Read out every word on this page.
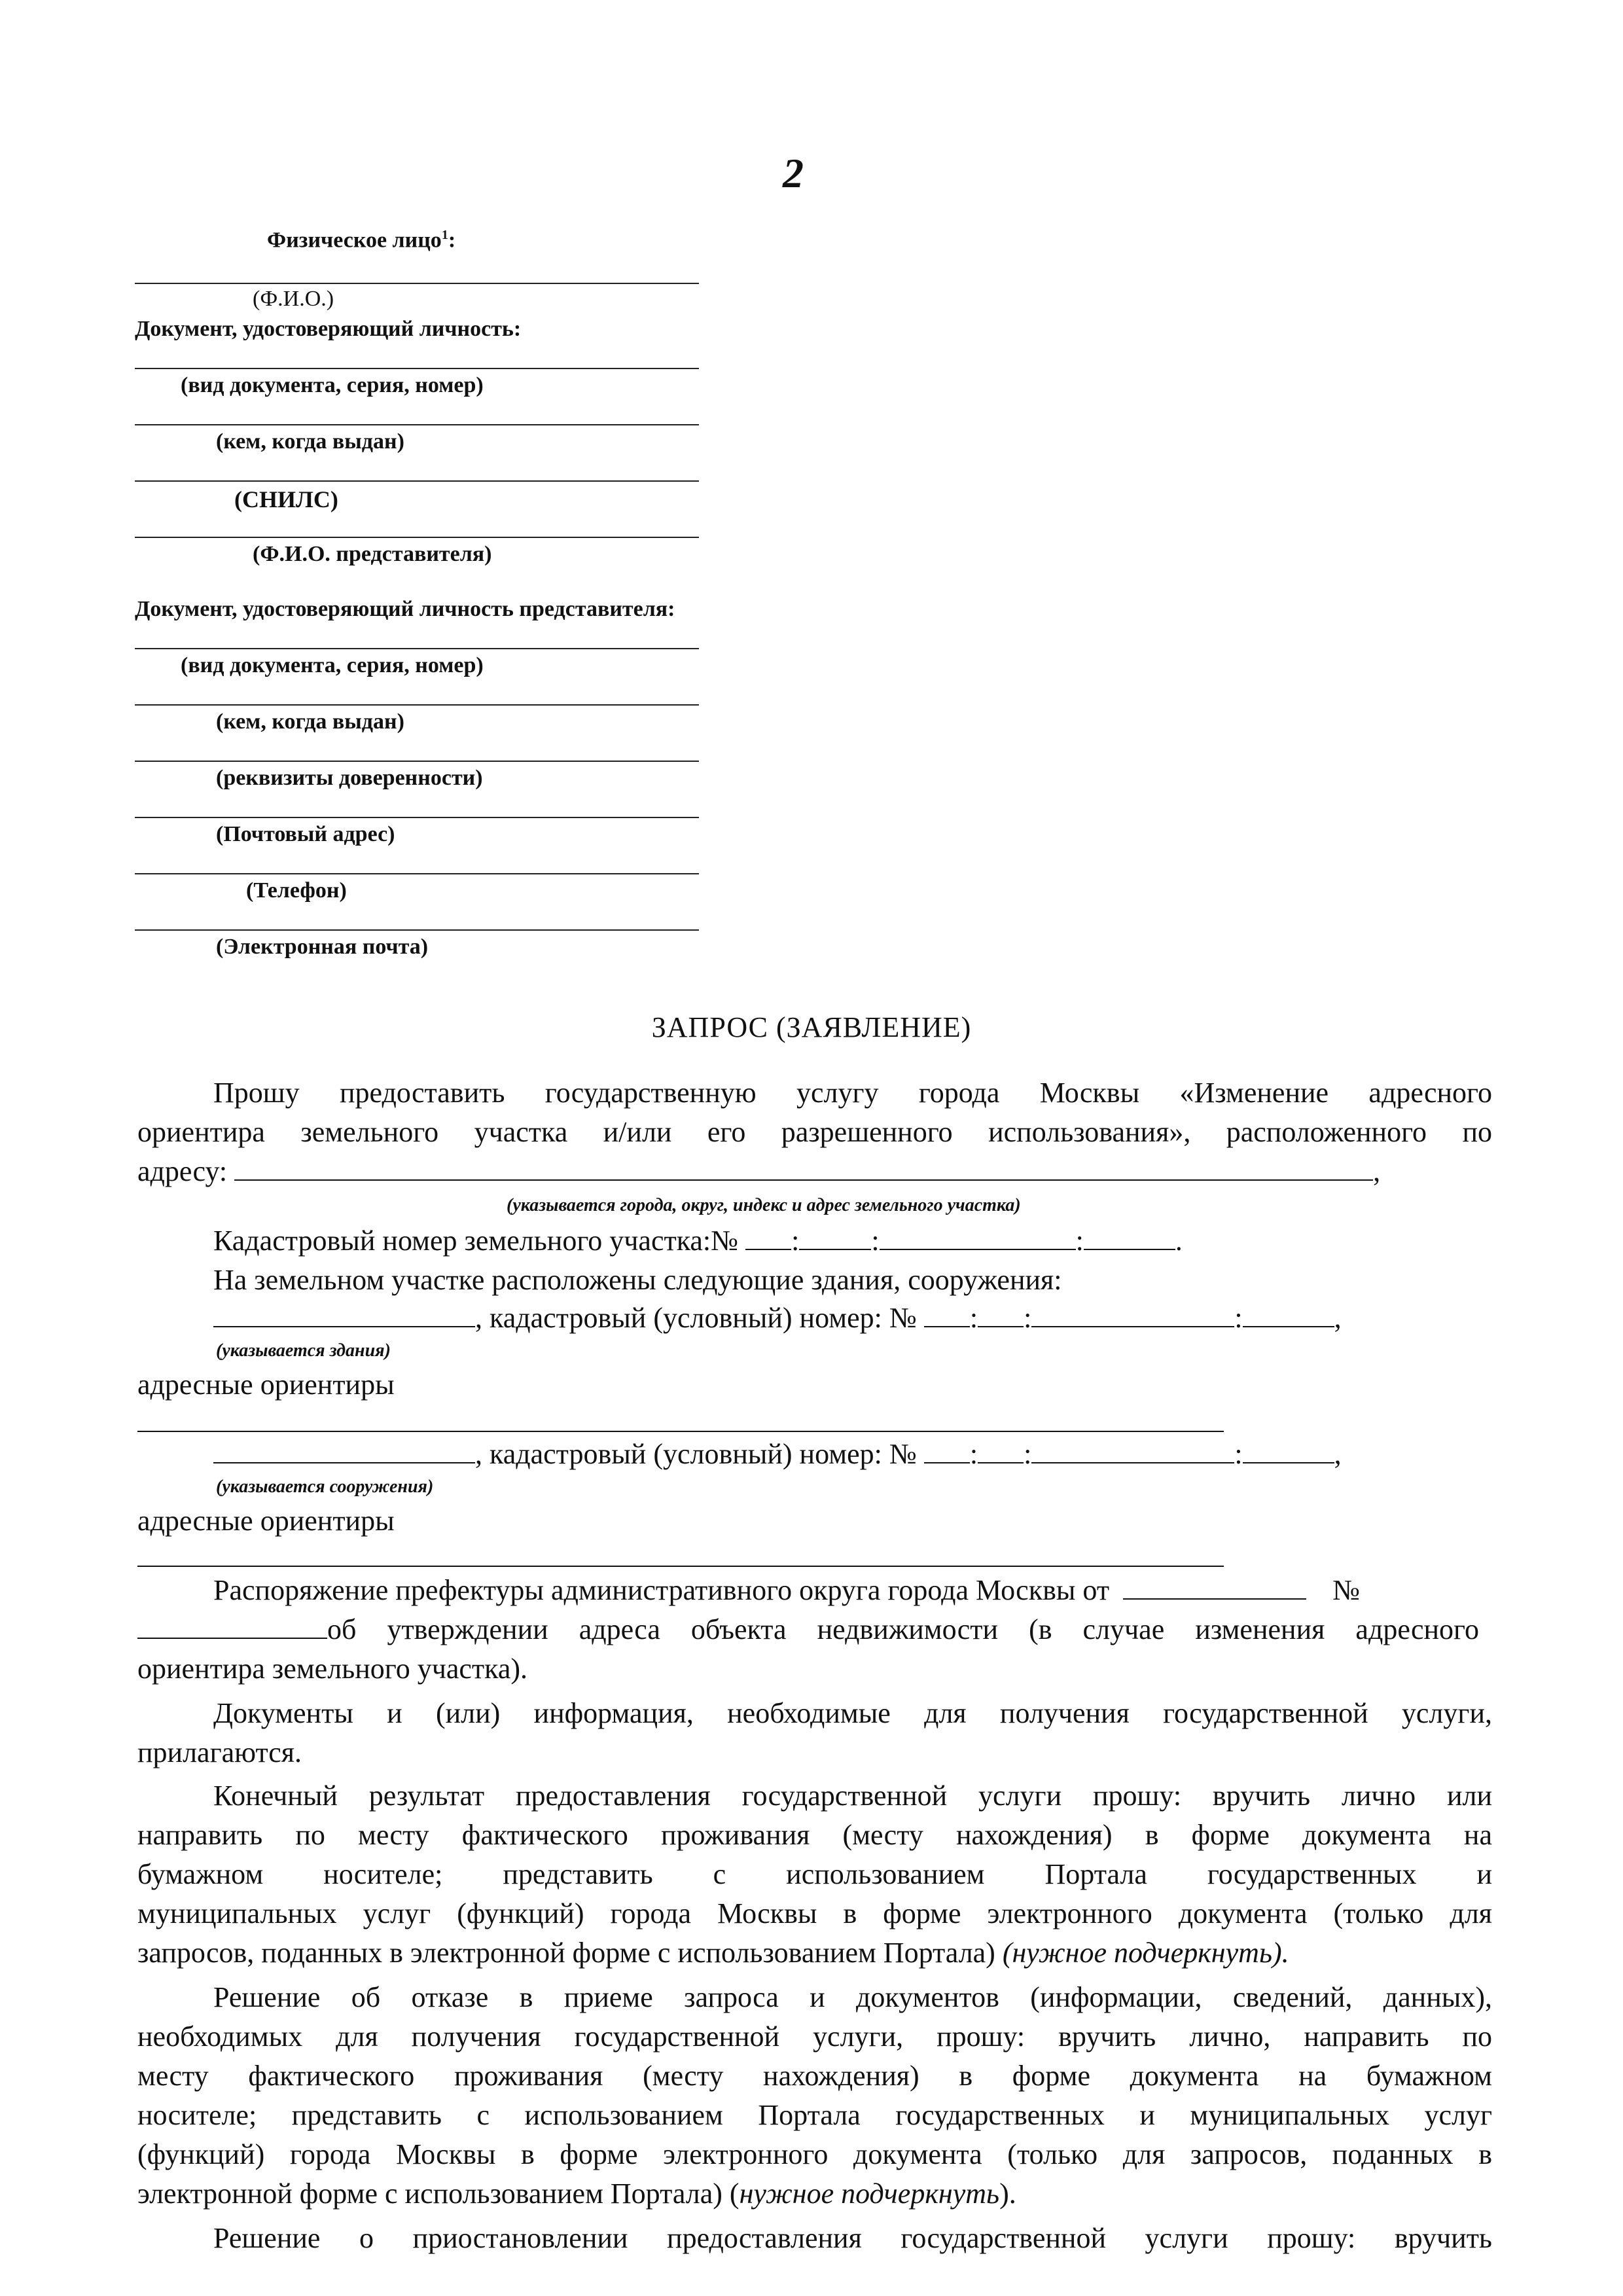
2
Физическое лицо$^1$:
(Ф.И.О.)
Документ, удостоверяющий личность:
(вид документа, серия, номер)
(кем, когда выдан)
(СНИЛС)
(Ф.И.О. представителя)
Документ, удостоверяющий личность представителя:
(вид документа, серия, номер)
(кем, когда выдан)
(реквизиты доверенности)
(Почтовый адрес)
(Телефон)
(Электронная почта)
ЗАПРОС (ЗАЯВЛЕНИЕ)
Прошу предоставить государственную услугу города Москвы «Изменение адресного
ориентира земельного участка и/или его разрешенного использования», расположенного по
адресу:	,
(указывается города, округ, индекс и адрес земельного участка)
Кадастровый номер земельного участка:№ :	:	:	.
На земельном участке расположены следующие здания, сооружения:
, кадастровый (условный) номер: № : :	:	,
(указывается здания)
адресные ориентиры
, кадастровый (условный) номер: № : :	:	,
(указывается сооружения)
адресные ориентиры
Распоряжение префектуры административного округа города Москвы от	№
об утверждении адреса объекта недвижимости (в случае изменения адресного
ориентира земельного участка).
Документы и (или) информация, необходимые для получения государственной услуги,
прилагаются.
Конечный результат предоставления государственной услуги прошу: вручить лично или
направить по месту фактического проживания (месту нахождения) в форме документа на
бумажном носителе; представить с использованием Портала государственных и
муниципальных услуг (функций) города Москвы в форме электронного документа (только для
запросов, поданных в электронной форме с использованием Портала) (нужное подчеркнуть).
Решение об отказе в приеме запроса и документов (информации, сведений, данных),
необходимых для получения государственной услуги, прошу: вручить лично, направить по
месту фактического проживания (месту нахождения) в форме документа на бумажном
носителе; представить с использованием Портала государственных и муниципальных услуг
(функций) города Москвы в форме электронного документа (только для запросов, поданных в
электронной форме с использованием Портала) (нужное подчеркнуть).
Решение о приостановлении предоставления государственной услуги прошу: вручить
